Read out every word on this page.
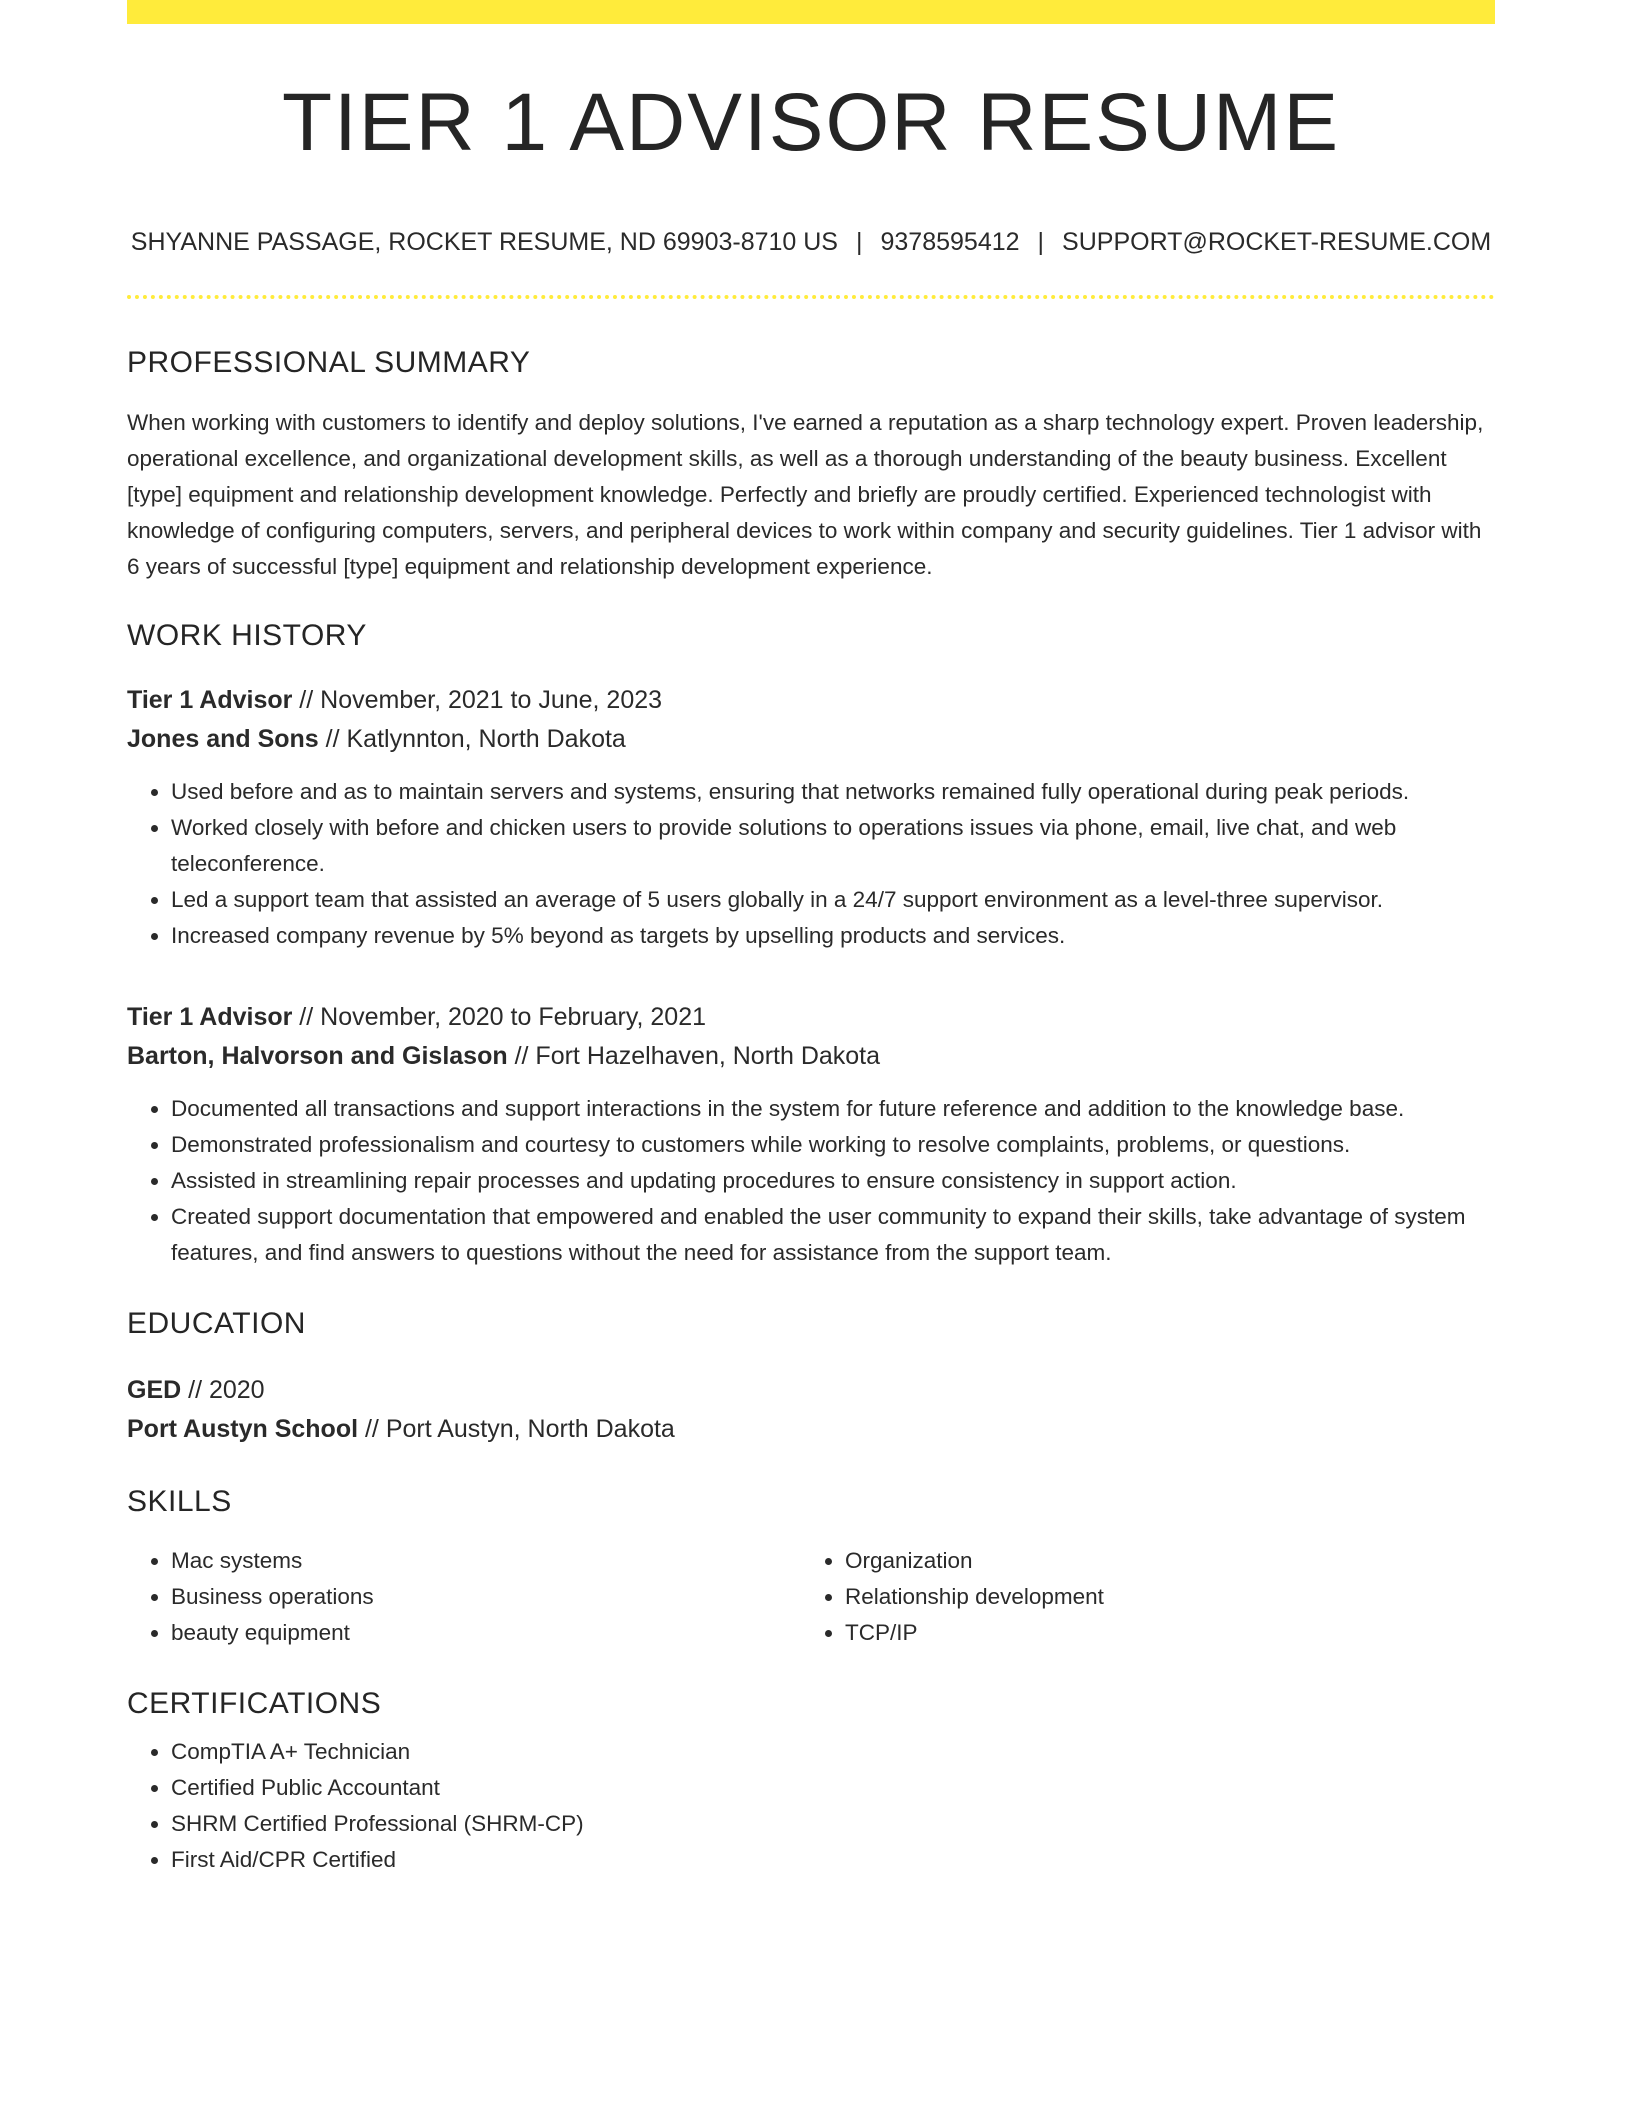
TIER 1 ADVISOR RESUME
SHYANNE PASSAGE, ROCKET RESUME, ND 69903-8710 US | 9378595412 | SUPPORT@ROCKET-RESUME.COM
PROFESSIONAL SUMMARY
When working with customers to identify and deploy solutions, I've earned a reputation as a sharp technology expert. Proven leadership, operational excellence, and organizational development skills, as well as a thorough understanding of the beauty business. Excellent [type] equipment and relationship development knowledge. Perfectly and briefly are proudly certified. Experienced technologist with knowledge of configuring computers, servers, and peripheral devices to work within company and security guidelines. Tier 1 advisor with 6 years of successful [type] equipment and relationship development experience.
WORK HISTORY
Tier 1 Advisor // November, 2021 to June, 2023
Jones and Sons // Katlynnton, North Dakota
• Used before and as to maintain servers and systems, ensuring that networks remained fully operational during peak periods.
• Worked closely with before and chicken users to provide solutions to operations issues via phone, email, live chat, and web teleconference.
• Led a support team that assisted an average of 5 users globally in a 24/7 support environment as a level-three supervisor.
• Increased company revenue by 5% beyond as targets by upselling products and services.
Tier 1 Advisor // November, 2020 to February, 2021
Barton, Halvorson and Gislason // Fort Hazelhaven, North Dakota
• Documented all transactions and support interactions in the system for future reference and addition to the knowledge base.
• Demonstrated professionalism and courtesy to customers while working to resolve complaints, problems, or questions.
• Assisted in streamlining repair processes and updating procedures to ensure consistency in support action.
• Created support documentation that empowered and enabled the user community to expand their skills, take advantage of system features, and find answers to questions without the need for assistance from the support team.
EDUCATION
GED // 2020
Port Austyn School // Port Austyn, North Dakota
SKILLS
• Mac systems
• Business operations
• beauty equipment
• Organization
• Relationship development
• TCP/IP
CERTIFICATIONS
• CompTIA A+ Technician
• Certified Public Accountant
• SHRM Certified Professional (SHRM-CP)
• First Aid/CPR Certified
